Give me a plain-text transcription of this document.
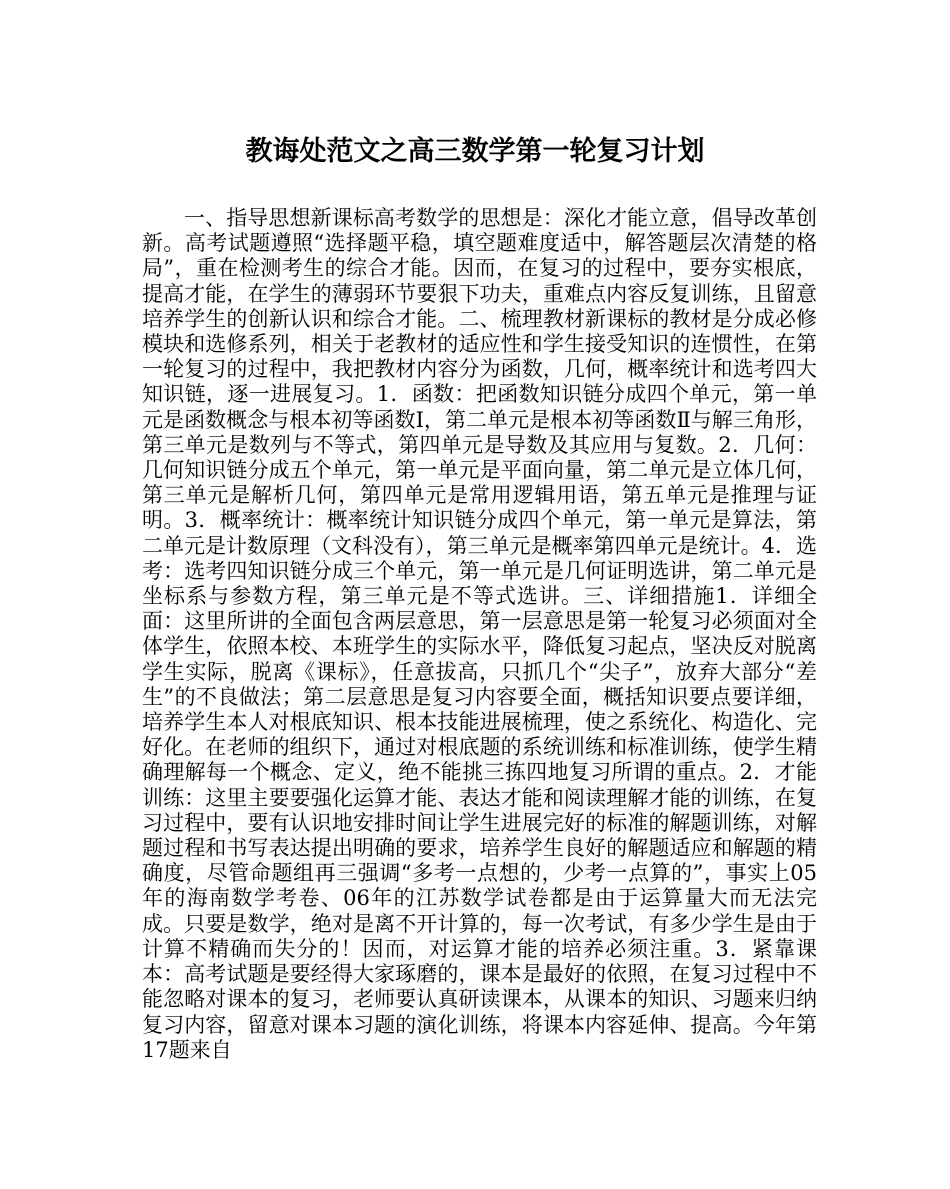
教诲处范文之高三数学第一轮复习计划

一、指导思想新课标高考数学的思想是：深化才能立意，倡导改革创新。高考试题遵照“选择题平稳，填空题难度适中，解答题层次清楚的格局”，重在检测考生的综合才能。因而，在复习的过程中，要夯实根底，提高才能，在学生的薄弱环节要狠下功夫，重难点内容反复训练，且留意培养学生的创新认识和综合才能。二、梳理教材新课标的教材是分成必修模块和选修系列，相关于老教材的适应性和学生接受知识的连惯性，在第一轮复习的过程中，我把教材内容分为函数，几何，概率统计和选考四大知识链，逐一进展复习。1．函数：把函数知识链分成四个单元，第一单元是函数概念与根本初等函数Ⅰ，第二单元是根本初等函数Ⅱ与解三角形，第三单元是数列与不等式，第四单元是导数及其应用与复数。2．几何：几何知识链分成五个单元，第一单元是平面向量，第二单元是立体几何，第三单元是解析几何，第四单元是常用逻辑用语，第五单元是推理与证明。3．概率统计：概率统计知识链分成四个单元，第一单元是算法，第二单元是计数原理（文科没有），第三单元是概率第四单元是统计。4．选考：选考四知识链分成三个单元，第一单元是几何证明选讲，第二单元是坐标系与参数方程，第三单元是不等式选讲。三、详细措施1．详细全面：这里所讲的全面包含两层意思，第一层意思是第一轮复习必须面对全体学生，依照本校、本班学生的实际水平，降低复习起点，坚决反对脱离学生实际，脱离《课标》，任意拔高，只抓几个“尖子”，放弃大部分“差生”的不良做法；第二层意思是复习内容要全面，概括知识要点要详细，培养学生本人对根底知识、根本技能进展梳理，使之系统化、构造化、完好化。在老师的组织下，通过对根底题的系统训练和标准训练，使学生精确理解每一个概念、定义，绝不能挑三拣四地复习所谓的重点。2．才能训练：这里主要要强化运算才能、表达才能和阅读理解才能的训练，在复习过程中，要有认识地安排时间让学生进展完好的标准的解题训练，对解题过程和书写表达提出明确的要求，培养学生良好的解题适应和解题的精确度，尽管命题组再三强调“多考一点想的，少考一点算的”，事实上05年的海南数学考卷、06年的江苏数学试卷都是由于运算量大而无法完成。只要是数学，绝对是离不开计算的，每一次考试，有多少学生是由于计算不精确而失分的！因而，对运算才能的培养必须注重。3．紧靠课本：高考试题是要经得大家琢磨的，课本是最好的依照，在复习过程中不能忽略对课本的复习，老师要认真研读课本，从课本的知识、习题来归纳复习内容，留意对课本习题的演化训练，将课本内容延伸、提高。今年第17题来自
